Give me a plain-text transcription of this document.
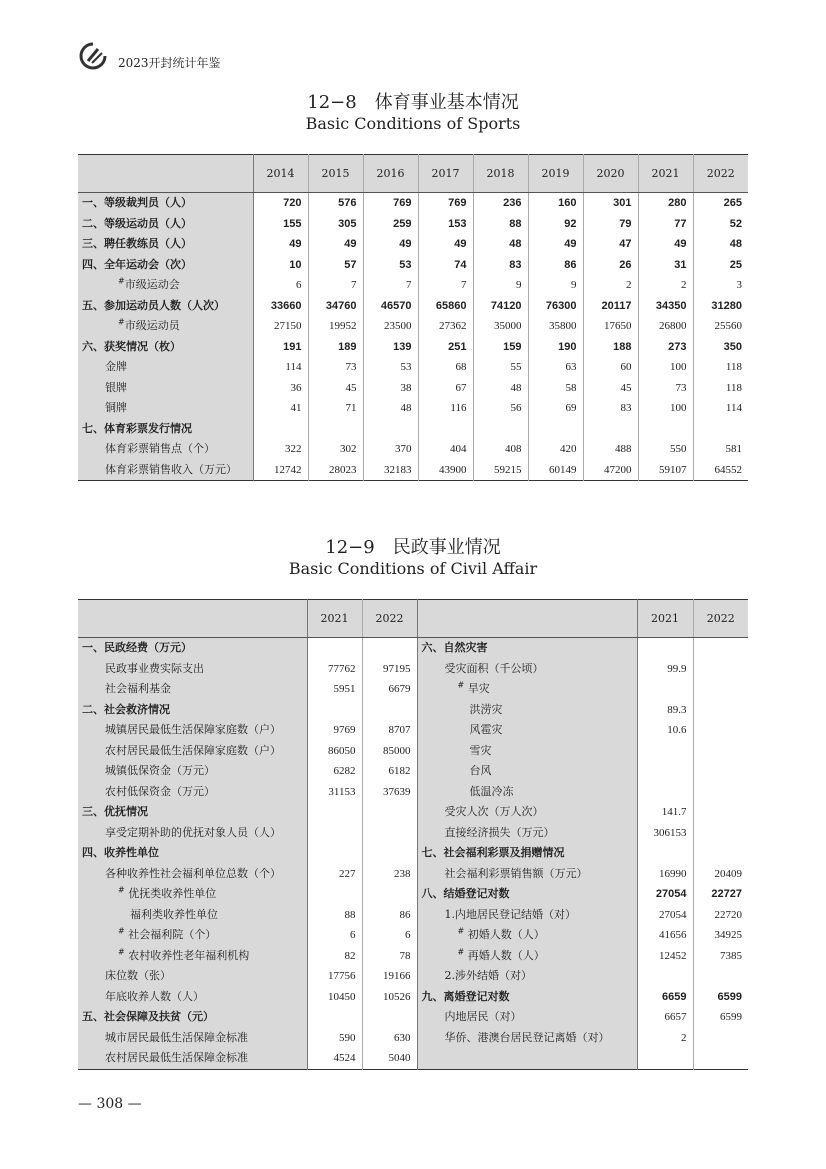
2023开封统计年鉴
12−8　体育事业基本情况
Basic Conditions of Sports
	2014	2015	2016	2017	2018	2019	2020	2021	2022
一、等级裁判员（人）	720	576	769	769	236	160	301	280	265
二、等级运动员（人）	155	305	259	153	88	92	79	77	52
三、聘任教练员（人）	49	49	49	49	48	49	47	49	48
四、全年运动会（次）	10	57	53	74	83	86	26	31	25
#市级运动会	6	7	7	7	9	9	2	2	3
五、参加运动员人数（人次）	33660	34760	46570	65860	74120	76300	20117	34350	31280
#市级运动员	27150	19952	23500	27362	35000	35800	17650	26800	25560
六、获奖情况（枚）	191	189	139	251	159	190	188	273	350
金牌	114	73	53	68	55	63	60	100	118
银牌	36	45	38	67	48	58	45	73	118
铜牌	41	71	48	116	56	69	83	100	114
七、体育彩票发行情况									
体育彩票销售点（个）	322	302	370	404	408	420	488	550	581
体育彩票销售收入（万元）	12742	28023	32183	43900	59215	60149	47200	59107	64552
12−9　民政事业情况
Basic Conditions of Civil Affair
	2021	2022		2021	2022
一、民政经费（万元）			六、自然灾害		
民政事业费实际支出	77762	97195	受灾面积（千公顷）	99.9	
社会福利基金	5951	6679	# 旱灾		
二、社会救济情况			洪涝灾	89.3	
城镇居民最低生活保障家庭数（户）	9769	8707	风雹灾	10.6	
农村居民最低生活保障家庭数（户）	86050	85000	雪灾		
城镇低保资金（万元）	6282	6182	台风		
农村低保资金（万元）	31153	37639	低温冷冻		
三、优抚情况			受灾人次（万人次）	141.7	
享受定期补助的优抚对象人员（人）			直接经济损失（万元）	306153	
四、收养性单位			七、社会福利彩票及捐赠情况		
各种收养性社会福利单位总数（个）	227	238	社会福利彩票销售额（万元）	16990	20409
# 优抚类收养性单位			八、结婚登记对数	27054	22727
福利类收养性单位	88	86	1.内地居民登记结婚（对）	27054	22720
# 社会福利院（个）	6	6	# 初婚人数（人）	41656	34925
# 农村收养性老年福利机构	82	78	# 再婚人数（人）	12452	7385
床位数（张）	17756	19166	2.涉外结婚（对）		
年底收养人数（人）	10450	10526	九、离婚登记对数	6659	6599
五、社会保障及扶贫（元）			内地居民（对）	6657	6599
城市居民最低生活保障金标准	590	630	华侨、港澳台居民登记离婚（对）	2	
农村居民最低生活保障金标准	4524	5040			
— 308 —
